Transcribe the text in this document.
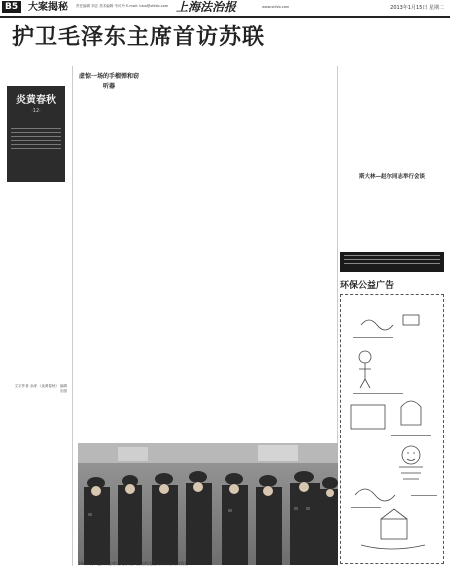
B5 大案揭秘 责任编辑 刘正 美术编辑 韦可丹 E-mail: lubo@shfzb.com 上海法治报	www.shfzb.com	2013年1月15日 星期二
护卫毛泽东主席首访苏联
炎黄春秋
·12·
文字作者 余涛 《炎黄春秋》 编辑出版
虚惊一场的手榴弹和窃听器
斯大林—赵尔同志举行会谈
环保公益广告
1949年，毛泽东主席访问苏联，图为抵达莫斯科车站时的情景
